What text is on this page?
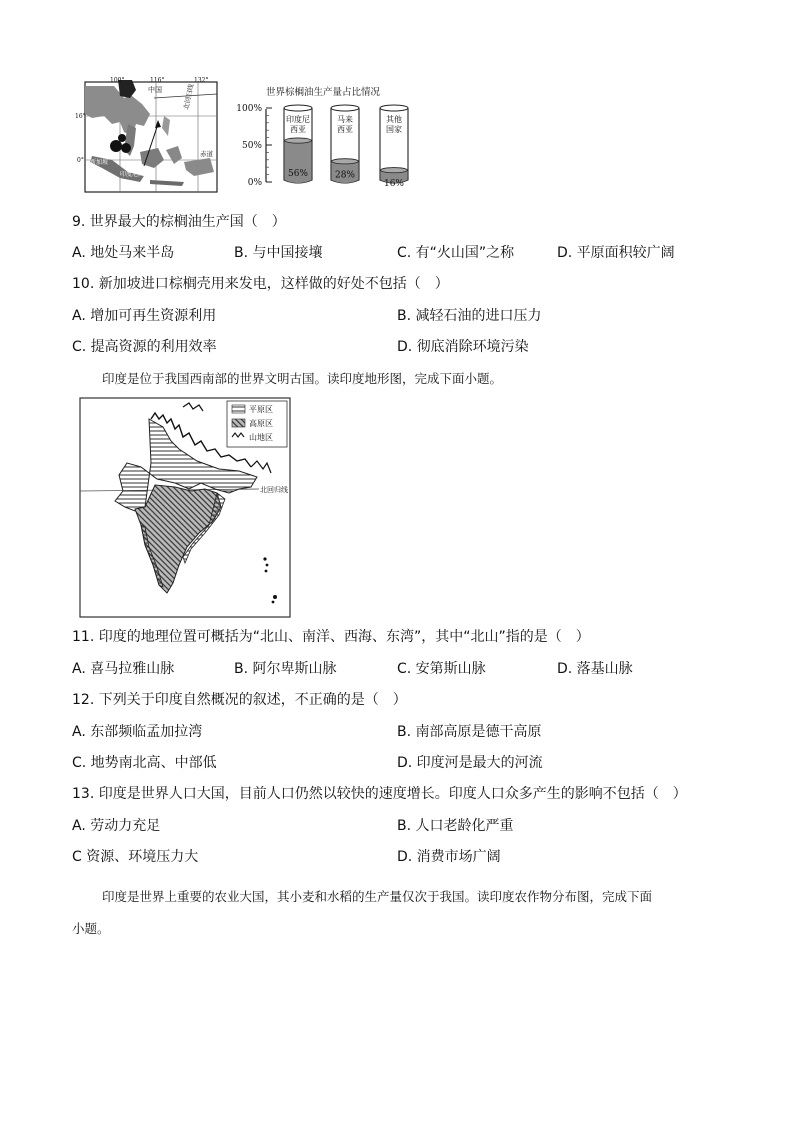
100°	116°	132°
16°
0°
中国	北回归线
赤道
新加坡
印度尼西亚
世界棕榈油生产量占比情况
100%
50%
0%
56%
印度尼
西亚
28%
马来
西亚
16%
其他
国家
9. 世界最大的棕榈油生产国（　）
A. 地处马来半岛	B. 与中国接壤	C. 有“火山国”之称	D. 平原面积较广阔
10. 新加坡进口棕榈壳用来发电，这样做的好处不包括（　）
A. 增加可再生资源利用	B. 减轻石油的进口压力
C. 提高资源的利用效率	D. 彻底消除环境污染
印度是位于我国西南部的世界文明古国。读印度地形图，完成下面小题。
平原区
高原区
山地区
北回归线
11. 印度的地理位置可概括为“北山、南洋、西海、东湾”，其中“北山”指的是（　）
A. 喜马拉雅山脉	B. 阿尔卑斯山脉	C. 安第斯山脉	D. 落基山脉
12. 下列关于印度自然概况的叙述，不正确的是（　）
A. 东部频临孟加拉湾	B. 南部高原是德干高原
C. 地势南北高、中部低	D. 印度河是最大的河流
13. 印度是世界人口大国，目前人口仍然以较快的速度增长。印度人口众多产生的影响不包括（　）
A. 劳动力充足	B. 人口老龄化严重
C 资源、环境压力大	D. 消费市场广阔
印度是世界上重要的农业大国，其小麦和水稻的生产量仅次于我国。读印度农作物分布图，完成下面
小题。
